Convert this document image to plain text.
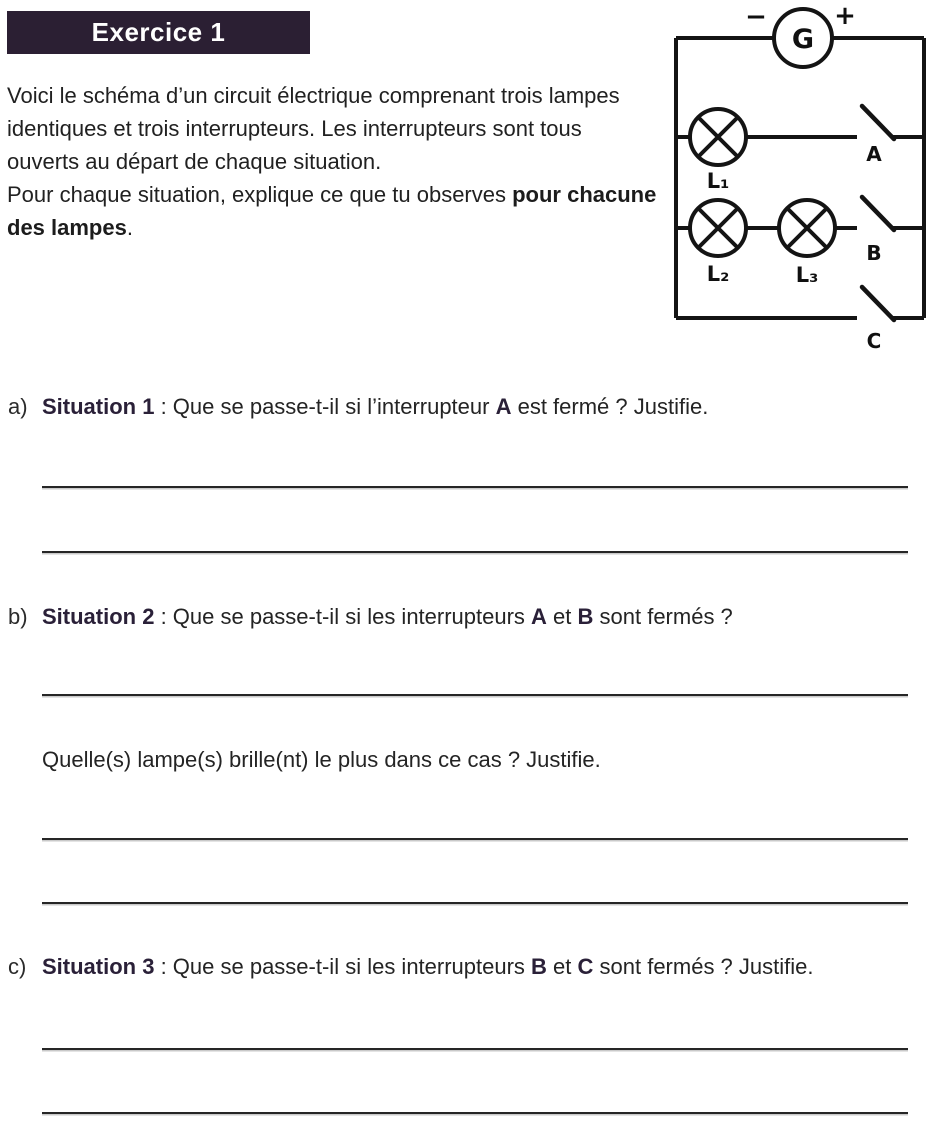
Exercice 1

Voici le schéma d’un circuit électrique comprenant trois lampes identiques et trois interrupteurs. Les interrupteurs sont tous ouverts au départ de chaque situation.
Pour chaque situation, explique ce que tu observes pour chacune des lampes.

G
−	+
L₁
L₂	L₃
A
B
C
a) Situation 1 : Que se passe-t-il si l’interrupteur A est fermé ? Justifie.
b) Situation 2 : Que se passe-t-il si les interrupteurs A et B sont fermés ?
Quelle(s) lampe(s) brille(nt) le plus dans ce cas ? Justifie.
c) Situation 3 : Que se passe-t-il si les interrupteurs B et C sont fermés ? Justifie.
